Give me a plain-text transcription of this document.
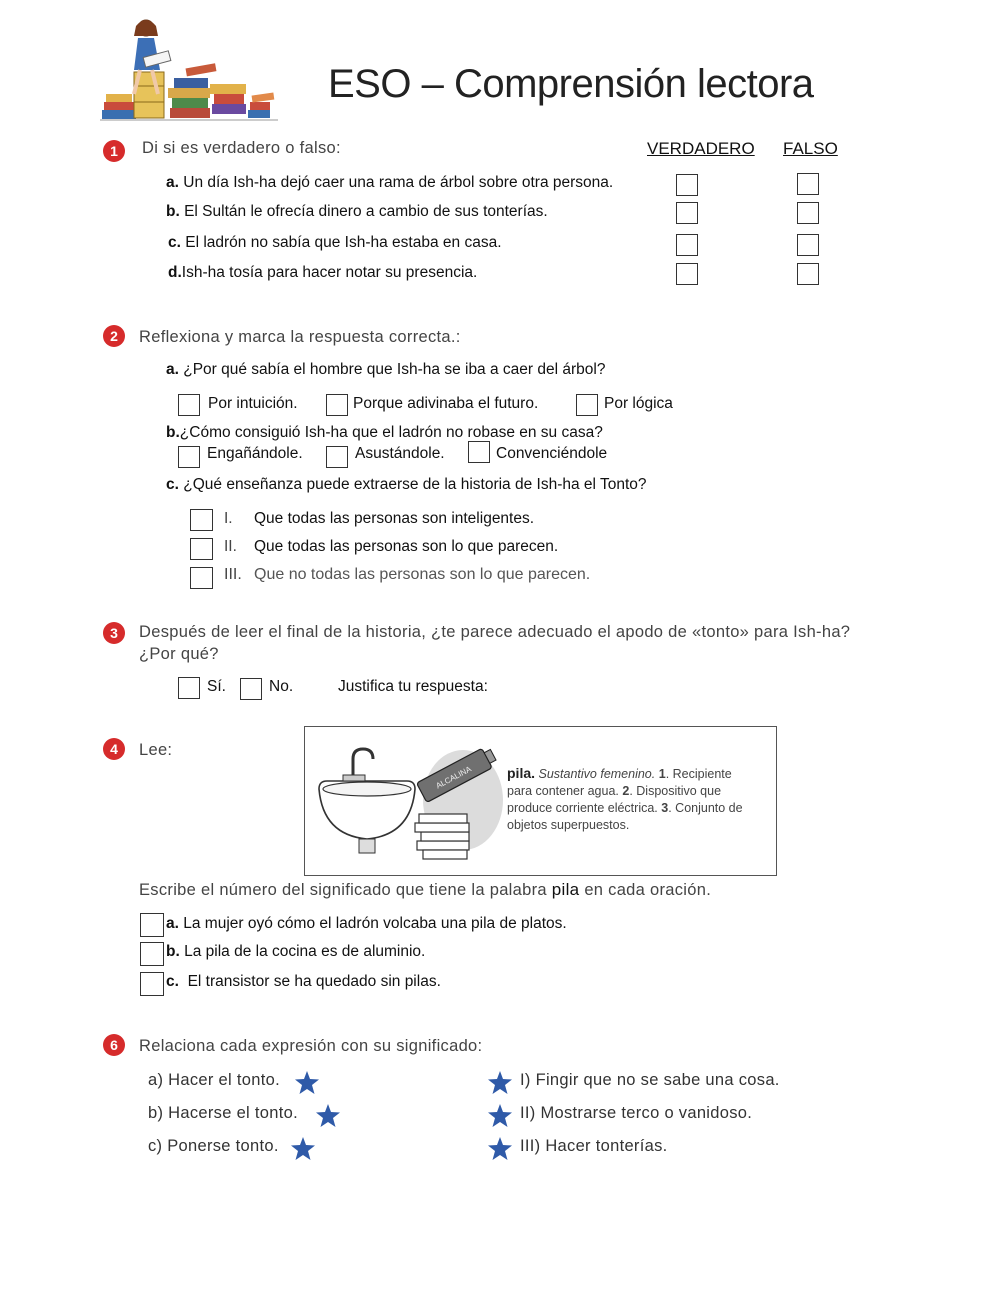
ESO – Comprensión lectora
1	Di si es verdadero o falso:	VERDADERO FALSO
a. Un día Ish-ha dejó caer una rama de árbol sobre otra persona.
b. El Sultán le ofrecía dinero a cambio de sus tonterías.
c. El ladrón no sabía que Ish-ha estaba en casa.
d.Ish-ha tosía para hacer notar su presencia.
2	Reflexiona y marca la respuesta correcta.:
a. ¿Por qué sabía el hombre que Ish-ha se iba a caer del árbol?
Por intuición.	Porque adivinaba el futuro.	Por lógica
b.¿Cómo consiguió Ish-ha que el ladrón no robase en su casa?
Engañándole.	Asustándole.	Convenciéndole
c. ¿Qué enseñanza puede extraerse de la historia de Ish-ha el Tonto?
I. Que todas las personas son inteligentes.
II. Que todas las personas son lo que parecen.
III. Que no todas las personas son lo que parecen.
3	Después de leer el final de la historia, ¿te parece adecuado el apodo de «tonto» para Ish-ha? ¿Por qué?
Sí.	No.	Justifica tu respuesta:
4	Lee:
ALCALINA pila. Sustantivo femenino. 1. Recipiente para contener agua. 2. Dispositivo que produce corriente eléctrica. 3. Conjunto de objetos superpuestos.
Escribe el número del significado que tiene la palabra pila en cada oración.
a. La mujer oyó cómo el ladrón volcaba una pila de platos.
b. La pila de la cocina es de aluminio.
c. El transistor se ha quedado sin pilas.
6	Relaciona cada expresión con su significado:
a) Hacer el tonto.
b) Hacerse el tonto.
c) Ponerse tonto.
I) Fingir que no se sabe una cosa.
II) Mostrarse terco o vanidoso.
III) Hacer tonterías.
